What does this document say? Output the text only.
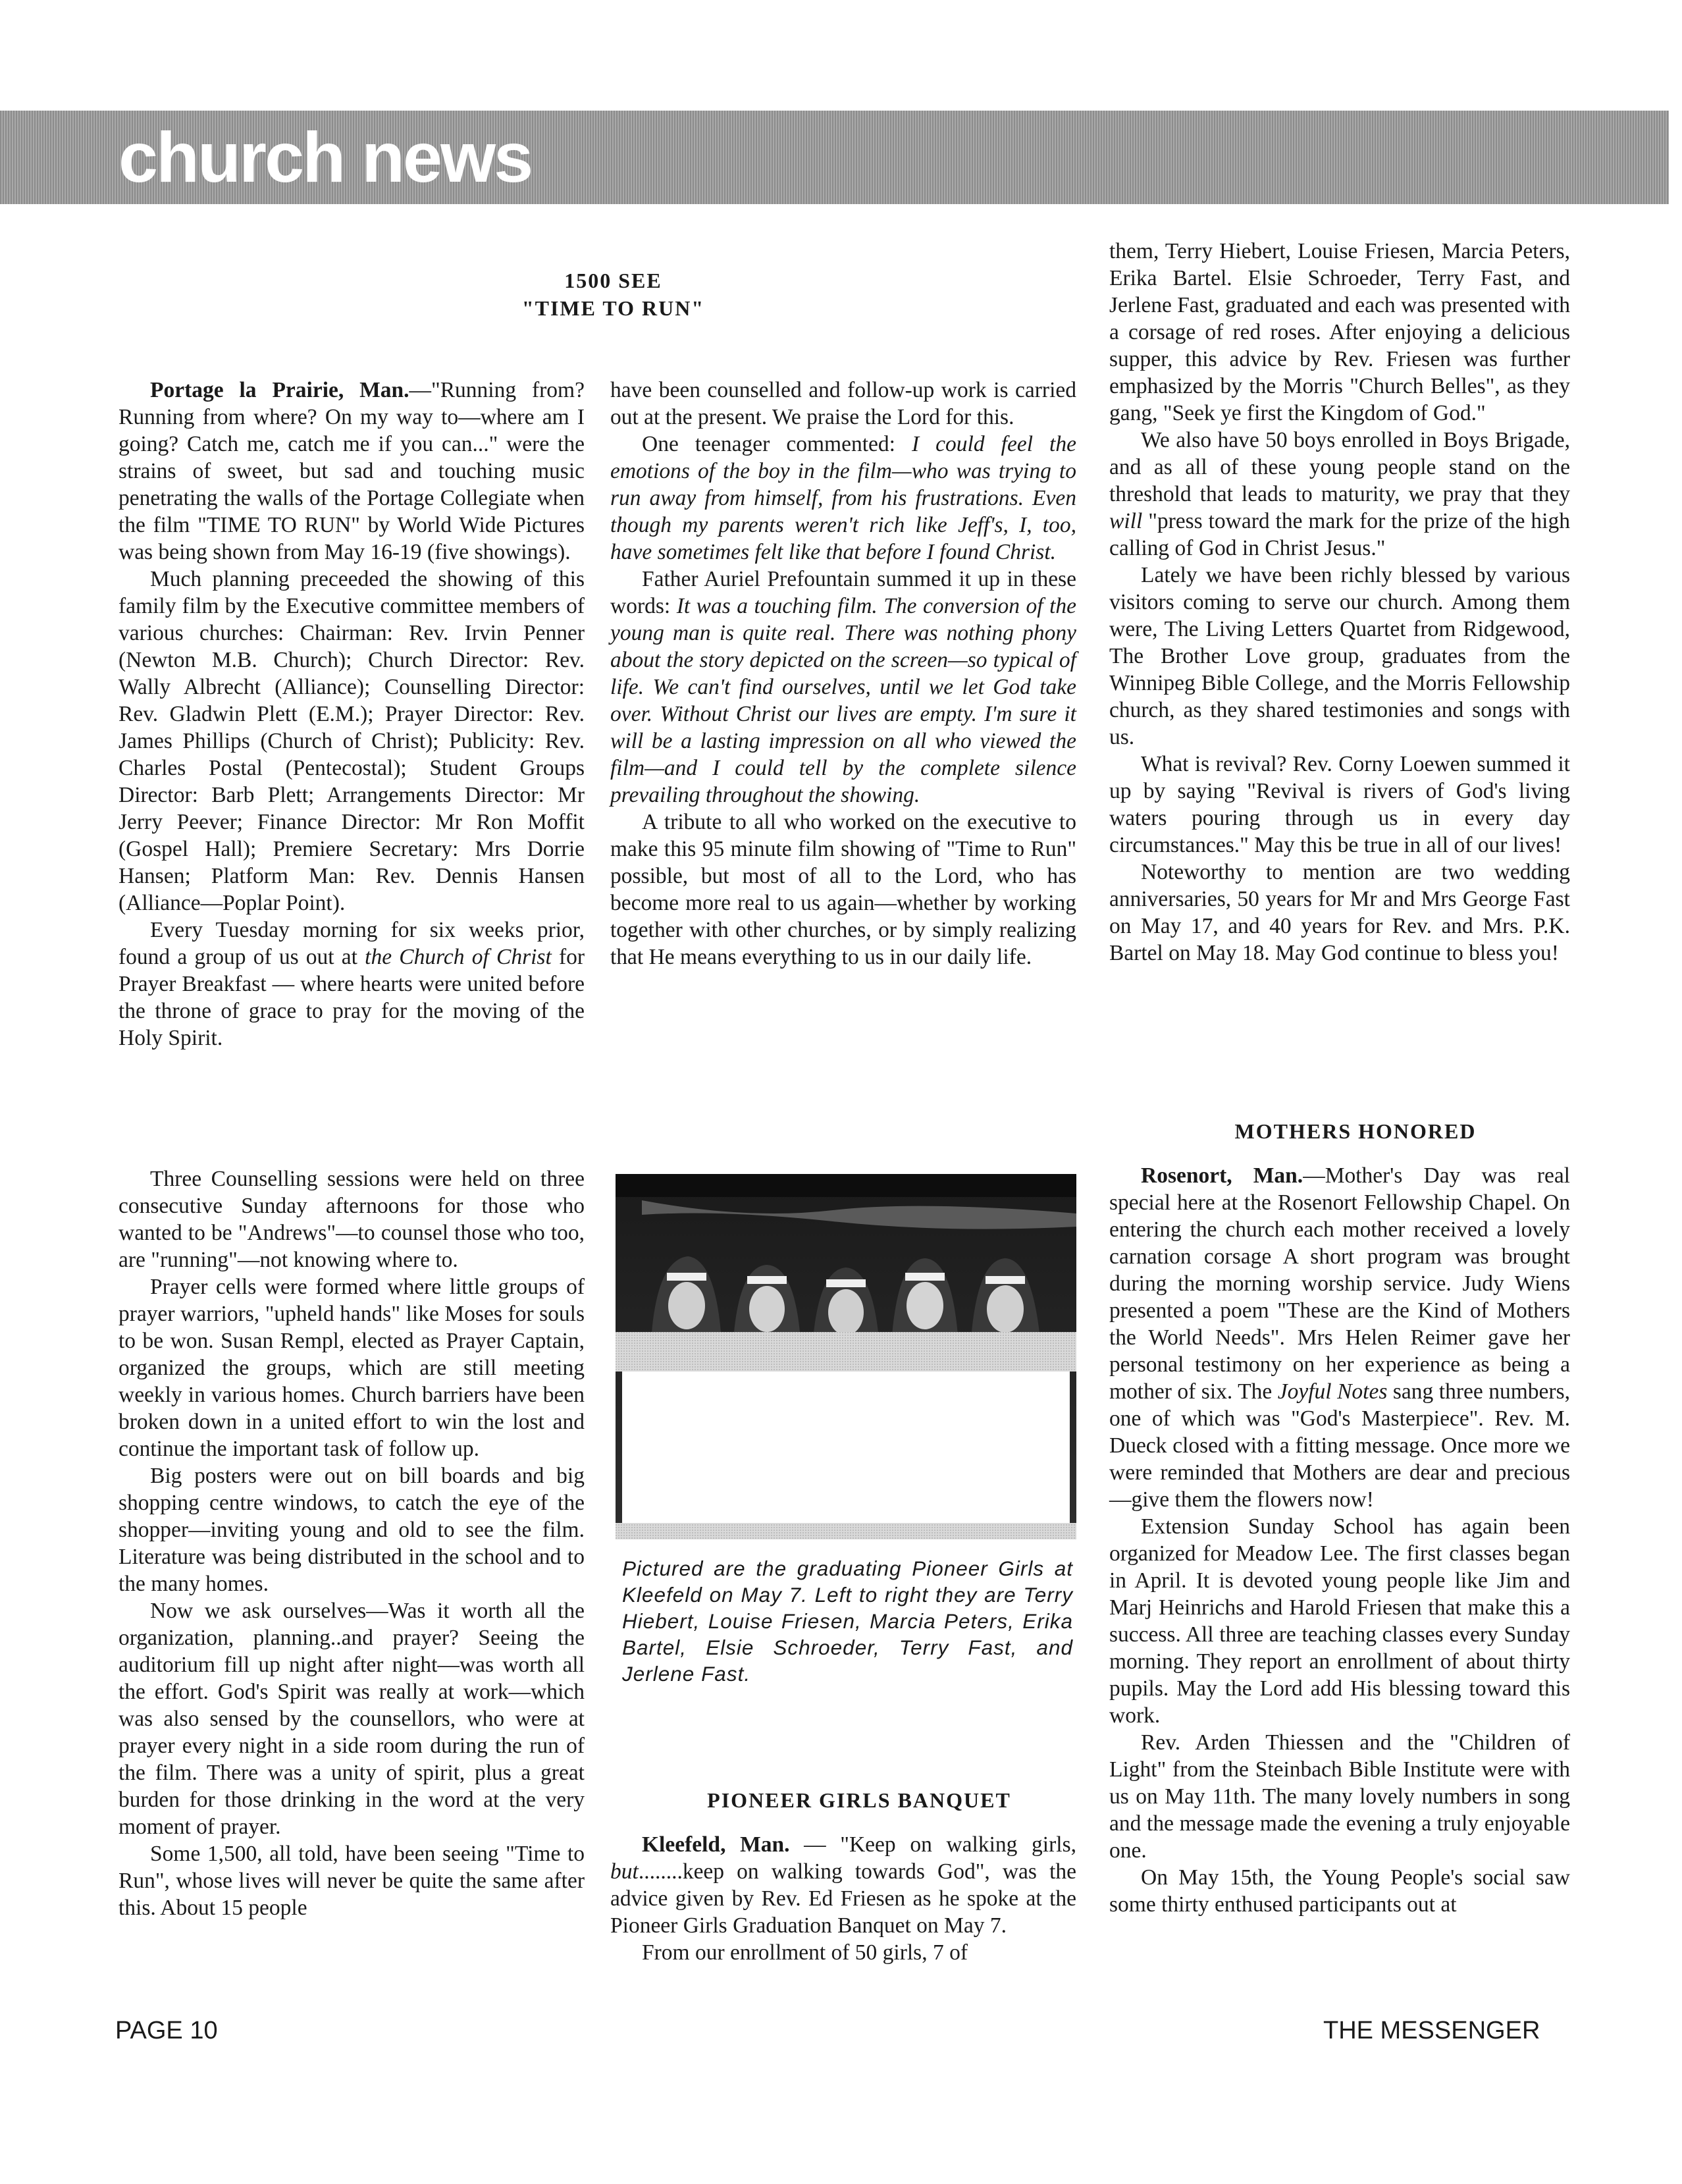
church news

1500 SEE

"TIME TO RUN"

Portage la Prairie, Man.—"Running from? Running from where? On my way to—where am I going? Catch me, catch me if you can..." were the strains of sweet, but sad and touching music penetrating the walls of the Portage Collegiate when the film "TIME TO RUN" by World Wide Pictures was being shown from May 16-19 (five showings).

Much planning preceeded the showing of this family film by the Executive committee members of various churches: Chairman: Rev. Irvin Penner (Newton M.B. Church); Church Director: Rev. Wally Albrecht (Alliance); Counselling Director: Rev. Gladwin Plett (E.M.); Prayer Director: Rev. James Phillips (Church of Christ); Publicity: Rev. Charles Postal (Pentecostal); Student Groups Director: Barb Plett; Arrangements Director: Mr Jerry Peever; Finance Director: Mr Ron Moffit (Gospel Hall); Premiere Secretary: Mrs Dorrie Hansen; Platform Man: Rev. Dennis Hansen (Alliance—Poplar Point).

Every Tuesday morning for six weeks prior, found a group of us out at the Church of Christ for Prayer Breakfast — where hearts were united before the throne of grace to pray for the moving of the Holy Spirit.

have been counselled and follow-up work is carried out at the present. We praise the Lord for this.

One teenager commented: I could feel the emotions of the boy in the film—who was trying to run away from himself, from his frustrations. Even though my parents weren't rich like Jeff's, I, too, have sometimes felt like that before I found Christ.

Father Auriel Prefountain summed it up in these words: It was a touching film. The conversion of the young man is quite real. There was nothing phony about the story depicted on the screen—so typical of life. We can't find ourselves, until we let God take over. Without Christ our lives are empty. I'm sure it will be a lasting impression on all who viewed the film—and I could tell by the complete silence prevailing throughout the showing.

A tribute to all who worked on the executive to make this 95 minute film showing of "Time to Run" possible, but most of all to the Lord, who has become more real to us again—whether by working together with other churches, or by simply realizing that He means everything to us in our daily life.

Three Counselling sessions were held on three consecutive Sunday afternoons for those who wanted to be "Andrews"—to counsel those who too, are "running"—not knowing where to.

Prayer cells were formed where little groups of prayer warriors, "upheld hands" like Moses for souls to be won. Susan Rempl, elected as Prayer Captain, organized the groups, which are still meeting weekly in various homes. Church barriers have been broken down in a united effort to win the lost and continue the important task of follow up.

Big posters were out on bill boards and big shopping centre windows, to catch the eye of the shopper—inviting young and old to see the film. Literature was being distributed in the school and to the many homes.

Now we ask ourselves—Was it worth all the organization, planning..and prayer? Seeing the auditorium fill up night after night—was worth all the effort. God's Spirit was really at work—which was also sensed by the counsellors, who were at prayer every night in a side room during the run of the film. There was a unity of spirit, plus a great burden for those drinking in the word at the very moment of prayer.

Some 1,500, all told, have been seeing "Time to Run", whose lives will never be quite the same after this. About 15 people

Pictured are the graduating Pioneer Girls at Kleefeld on May 7. Left to right they are Terry Hiebert, Louise Friesen, Marcia Peters, Erika Bartel, Elsie Schroeder, Terry Fast, and Jerlene Fast.

PIONEER GIRLS BANQUET

Kleefeld, Man. — "Keep on walking girls, but........keep on walking towards God", was the advice given by Rev. Ed Friesen as he spoke at the Pioneer Girls Graduation Banquet on May 7.

From our enrollment of 50 girls, 7 of

them, Terry Hiebert, Louise Friesen, Marcia Peters, Erika Bartel. Elsie Schroeder, Terry Fast, and Jerlene Fast, graduated and each was presented with a corsage of red roses. After enjoying a delicious supper, this advice by Rev. Friesen was further emphasized by the Morris "Church Belles", as they gang, "Seek ye first the Kingdom of God."

We also have 50 boys enrolled in Boys Brigade, and as all of these young people stand on the threshold that leads to maturity, we pray that they will "press toward the mark for the prize of the high calling of God in Christ Jesus."

Lately we have been richly blessed by various visitors coming to serve our church. Among them were, The Living Letters Quartet from Ridgewood, The Brother Love group, graduates from the Winnipeg Bible College, and the Morris Fellowship church, as they shared testimonies and songs with us.

What is revival? Rev. Corny Loewen summed it up by saying "Revival is rivers of God's living waters pouring through us in every day circumstances." May this be true in all of our lives!

Noteworthy to mention are two wedding anniversaries, 50 years for Mr and Mrs George Fast on May 17, and 40 years for Rev. and Mrs. P.K. Bartel on May 18. May God continue to bless you!

MOTHERS HONORED

Rosenort, Man.—Mother's Day was real special here at the Rosenort Fellowship Chapel. On entering the church each mother received a lovely carnation corsage A short program was brought during the morning worship service. Judy Wiens presented a poem "These are the Kind of Mothers the World Needs". Mrs Helen Reimer gave her personal testimony on her experience as being a mother of six. The Joyful Notes sang three numbers, one of which was "God's Masterpiece". Rev. M. Dueck closed with a fitting message. Once more we were reminded that Mothers are dear and precious—give them the flowers now!

Extension Sunday School has again been organized for Meadow Lee. The first classes began in April. It is devoted young people like Jim and Marj Heinrichs and Harold Friesen that make this a success. All three are teaching classes every Sunday morning. They report an enrollment of about thirty pupils. May the Lord add His blessing toward this work.

Rev. Arden Thiessen and the "Children of Light" from the Steinbach Bible Institute were with us on May 11th. The many lovely numbers in song and the message made the evening a truly enjoyable one.

On May 15th, the Young People's social saw some thirty enthused participants out at

PAGE 10	THE MESSENGER
